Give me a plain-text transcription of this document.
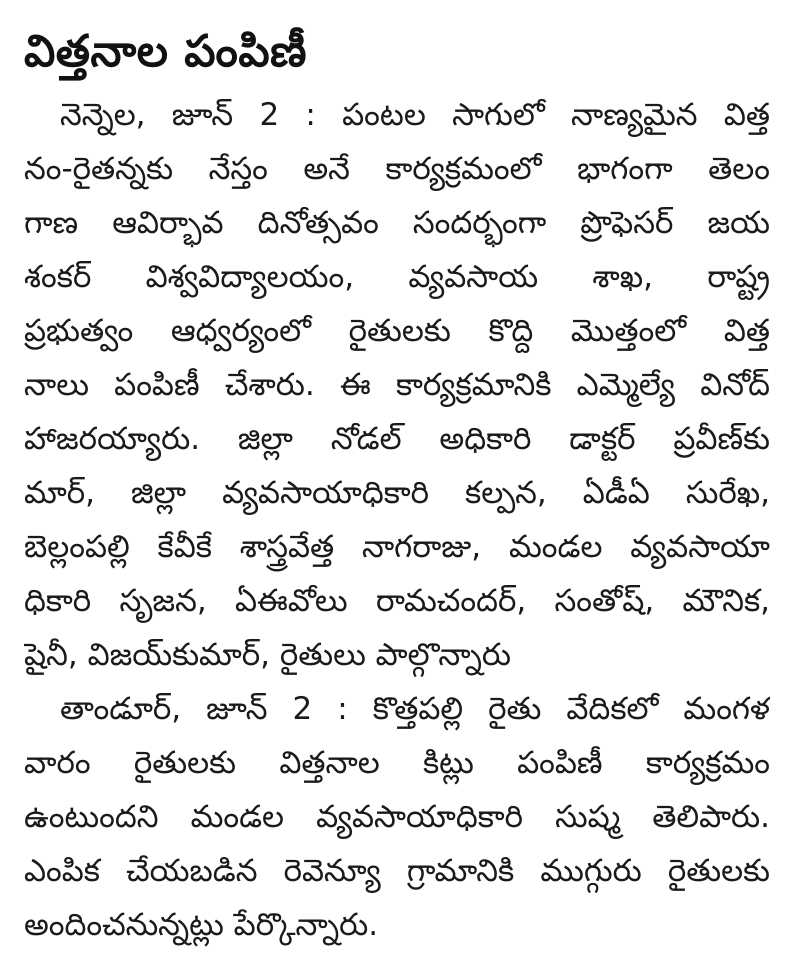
విత్తనాల పంపిణీ
నెన్నెల, జూన్ 2 : పంటల సాగులో నాణ్యమైన విత్త
నం-రైతన్నకు నేస్తం అనే కార్యక్రమంలో భాగంగా తెలం
గాణ ఆవిర్భావ దినోత్సవం సందర్భంగా ప్రొఫెసర్ జయ
శంకర్ విశ్వవిద్యాలయం, వ్యవసాయ శాఖ, రాష్ట్ర
ప్రభుత్వం ఆధ్వర్యంలో రైతులకు కొద్ది మొత్తంలో విత్త
నాలు పంపిణీ చేశారు. ఈ కార్యక్రమానికి ఎమ్మెల్యే వినోద్
హాజరయ్యారు. జిల్లా నోడల్ అధికారి డాక్టర్ ప్రవీణ్‌కు
మార్, జిల్లా వ్యవసాయాధికారి కల్పన, ఏడీఏ సురేఖ,
బెల్లంపల్లి కేవీకే శాస్త్రవేత్త నాగరాజు, మండల వ్యవసాయా
ధికారి సృజన, ఏఈవోలు రామచందర్, సంతోష్, మౌనిక,
షైనీ, విజయ్‌కుమార్, రైతులు పాల్గొన్నారు
తాండూర్, జూన్ 2 : కొత్తపల్లి రైతు వేదికలో మంగళ
వారం రైతులకు విత్తనాల కిట్లు పంపిణీ కార్యక్రమం
ఉంటుందని మండల వ్యవసాయాధికారి సుష్మ తెలిపారు.
ఎంపిక చేయబడిన రెవెన్యూ గ్రామానికి ముగ్గురు రైతులకు
అందించనున్నట్లు పేర్కొన్నారు.
